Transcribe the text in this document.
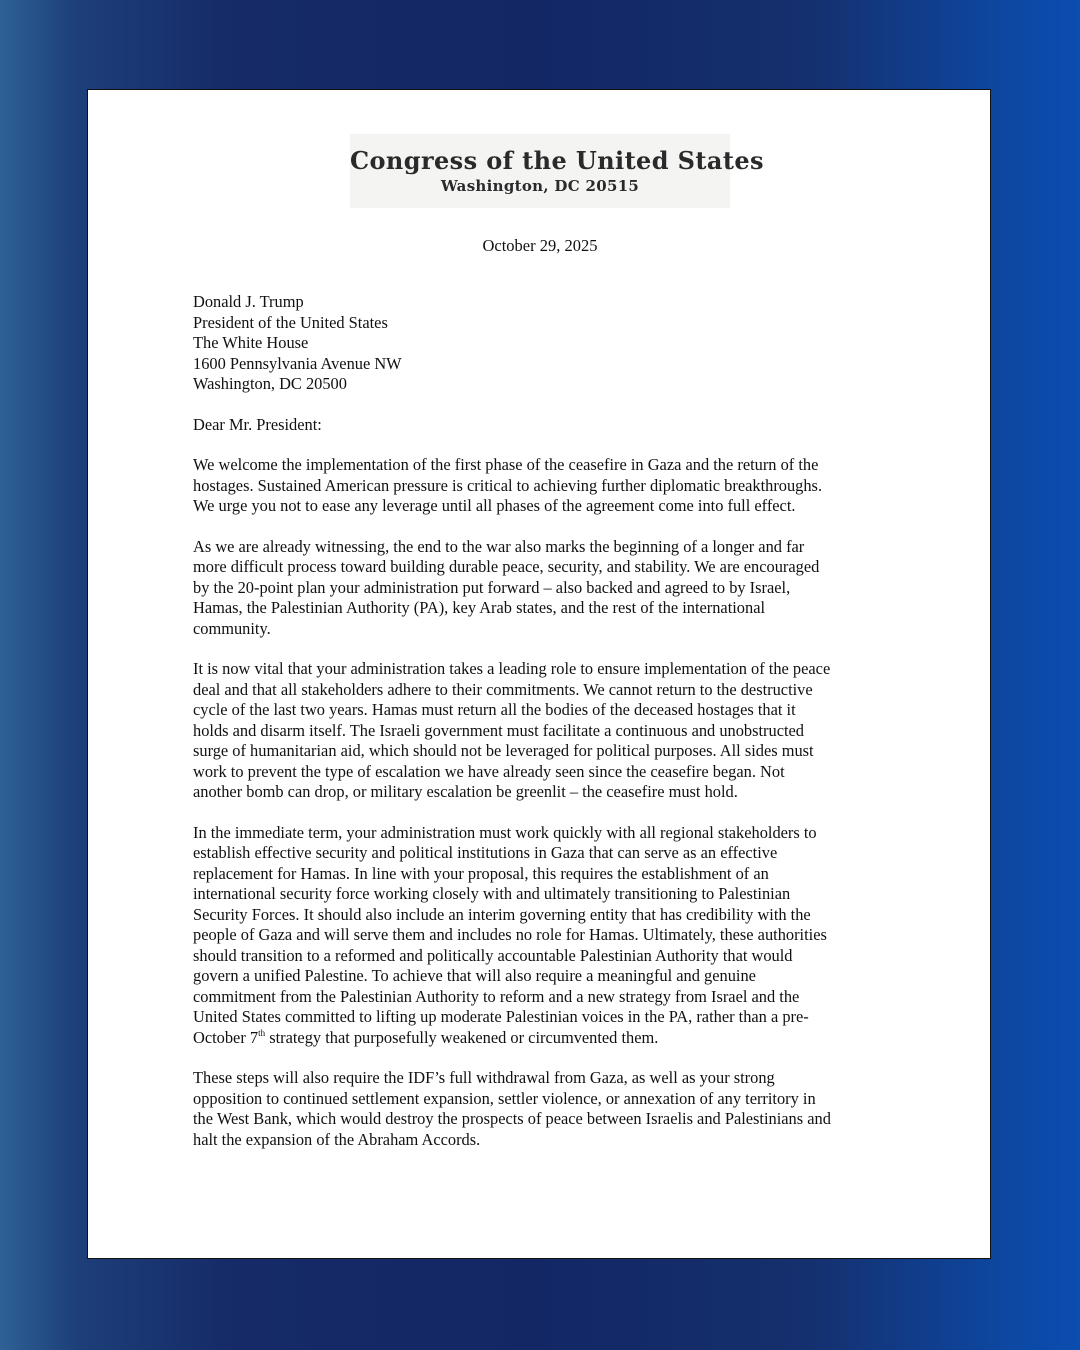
Congress of the United States
Washington, DC 20515
October 29, 2025
Donald J. Trump
President of the United States
The White House
1600 Pennsylvania Avenue NW
Washington, DC 20500
Dear Mr. President:
We welcome the implementation of the first phase of the ceasefire in Gaza and the return of the
hostages. Sustained American pressure is critical to achieving further diplomatic breakthroughs.
We urge you not to ease any leverage until all phases of the agreement come into full effect.
As we are already witnessing, the end to the war also marks the beginning of a longer and far
more difficult process toward building durable peace, security, and stability. We are encouraged
by the 20-point plan your administration put forward – also backed and agreed to by Israel,
Hamas, the Palestinian Authority (PA), key Arab states, and the rest of the international
community.
It is now vital that your administration takes a leading role to ensure implementation of the peace
deal and that all stakeholders adhere to their commitments. We cannot return to the destructive
cycle of the last two years. Hamas must return all the bodies of the deceased hostages that it
holds and disarm itself. The Israeli government must facilitate a continuous and unobstructed
surge of humanitarian aid, which should not be leveraged for political purposes. All sides must
work to prevent the type of escalation we have already seen since the ceasefire began. Not
another bomb can drop, or military escalation be greenlit – the ceasefire must hold.
In the immediate term, your administration must work quickly with all regional stakeholders to
establish effective security and political institutions in Gaza that can serve as an effective
replacement for Hamas. In line with your proposal, this requires the establishment of an
international security force working closely with and ultimately transitioning to Palestinian
Security Forces. It should also include an interim governing entity that has credibility with the
people of Gaza and will serve them and includes no role for Hamas. Ultimately, these authorities
should transition to a reformed and politically accountable Palestinian Authority that would
govern a unified Palestine. To achieve that will also require a meaningful and genuine
commitment from the Palestinian Authority to reform and a new strategy from Israel and the
United States committed to lifting up moderate Palestinian voices in the PA, rather than a pre-
October 7th strategy that purposefully weakened or circumvented them.
These steps will also require the IDF’s full withdrawal from Gaza, as well as your strong
opposition to continued settlement expansion, settler violence, or annexation of any territory in
the West Bank, which would destroy the prospects of peace between Israelis and Palestinians and
halt the expansion of the Abraham Accords.
